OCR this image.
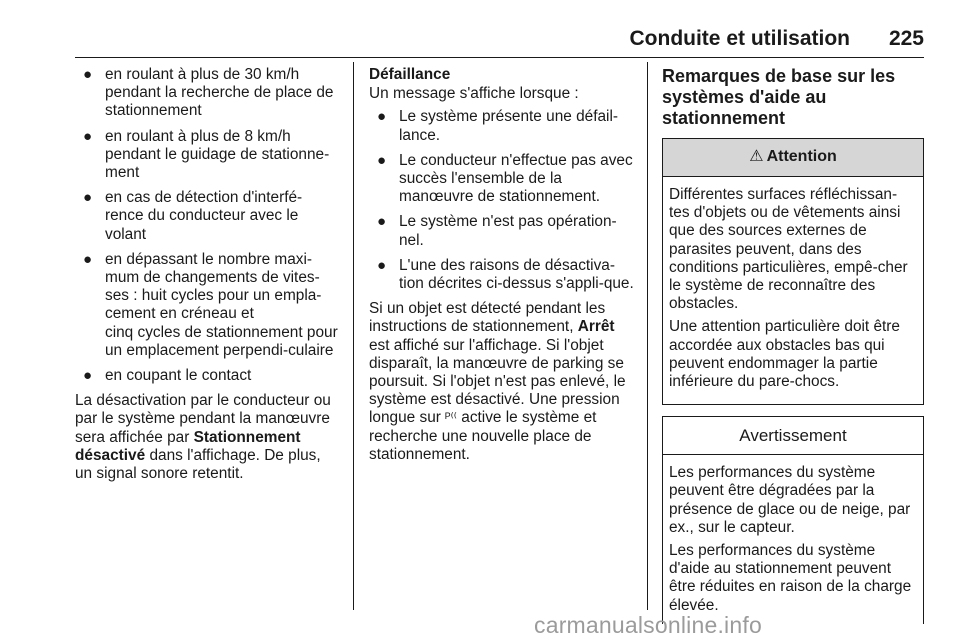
Conduite et utilisation 225
● en roulant à plus de 30 km/h pendant la recherche de place de stationnement
● en roulant à plus de 8 km/h pendant le guidage de stationne-ment
● en cas de détection d'interfé-rence du conducteur avec le volant
● en dépassant le nombre maxi-mum de changements de vites-ses : huit cycles pour un empla-cement en créneau et
cinq cycles de stationnement pour un emplacement perpendi-culaire
● en coupant le contact

La désactivation par le conducteur ou par le système pendant la manœuvre sera affichée par Stationnement désactivé dans l'affichage. De plus, un signal sonore retentit.

Défaillance

Un message s'affiche lorsque :

● Le système présente une défail-lance.
● Le conducteur n'effectue pas avec succès l'ensemble de la manœuvre de stationnement.
● Le système n'est pas opération-nel.
● L'une des raisons de désactiva-tion décrites ci-dessus s'appli-que.

Si un objet est détecté pendant les instructions de stationnement, Arrêt est affiché sur l'affichage. Si l'objet disparaît, la manœuvre de parking se poursuit. Si l'objet n'est pas enlevé, le système est désactivé. Une pression longue sur ᴾ⁽⁽ active le système et recherche une nouvelle place de stationnement.

Remarques de base sur les systèmes d'aide au stationnement
⚠ Attention

Différentes surfaces réfléchissan-tes d'objets ou de vêtements ainsi que des sources externes de parasites peuvent, dans des conditions particulières, empê-cher le système de reconnaître des obstacles.

Une attention particulière doit être accordée aux obstacles bas qui peuvent endommager la partie inférieure du pare-chocs.

Avertissement

Les performances du système peuvent être dégradées par la présence de glace ou de neige, par ex., sur le capteur.

Les performances du système d'aide au stationnement peuvent être réduites en raison de la charge élevée.

carmanualsonline.info
